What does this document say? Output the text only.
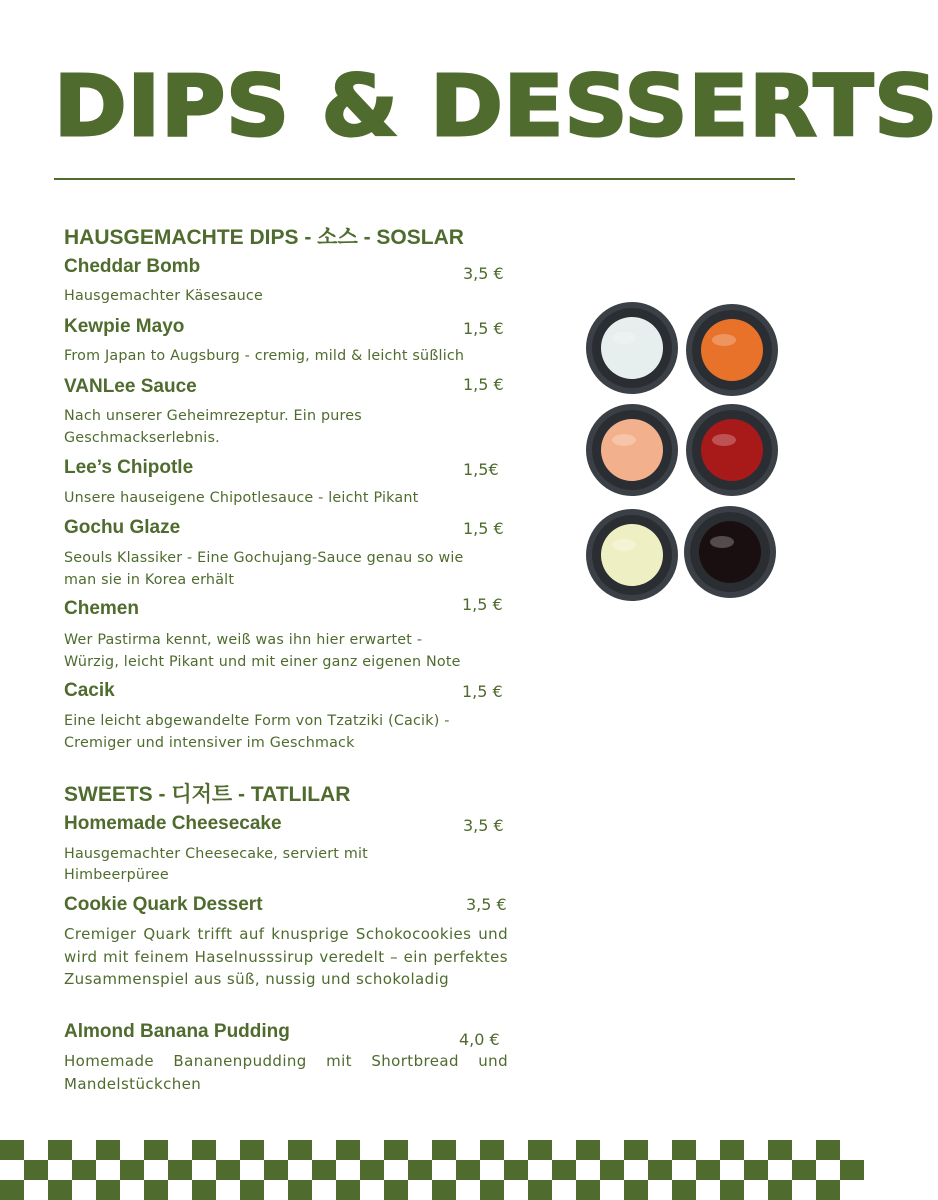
DIPS & DESSERTS
HAUSGEMACHTE DIPS - 소스 - SOSLAR
Cheddar Bomb	3,5 €
Hausgemachter Käsesauce
Kewpie Mayo	1,5 €
From Japan to Augsburg - cremig, mild & leicht süßlich
VANLee Sauce	1,5 €
Nach unserer Geheimrezeptur. Ein pures
Geschmackserlebnis.
Lee’s Chipotle	1,5€
Unsere hauseigene Chipotlesauce - leicht Pikant
Gochu Glaze	1,5 €
Seouls Klassiker - Eine Gochujang-Sauce genau so wie
man sie in Korea erhält
Chemen	1,5 €
Wer Pastirma kennt, weiß was ihn hier erwartet -
Würzig, leicht Pikant und mit einer ganz eigenen Note
Cacik	1,5 €
Eine leicht abgewandelte Form von Tzatziki (Cacik) -
Cremiger und intensiver im Geschmack
SWEETS - 디저트 - TATLILAR
Homemade Cheesecake	3,5 €
Hausgemachter Cheesecake, serviert mit
Himbeerpüree
Cookie Quark Dessert	3,5 €
Cremiger Quark trifft auf knusprige Schokocookies und wird mit feinem Haselnusssirup veredelt – ein perfektes Zusammenspiel aus süß, nussig und schokoladig
Almond Banana Pudding	4,0 €
Homemade Bananenpudding mit Shortbread und Mandelstückchen
